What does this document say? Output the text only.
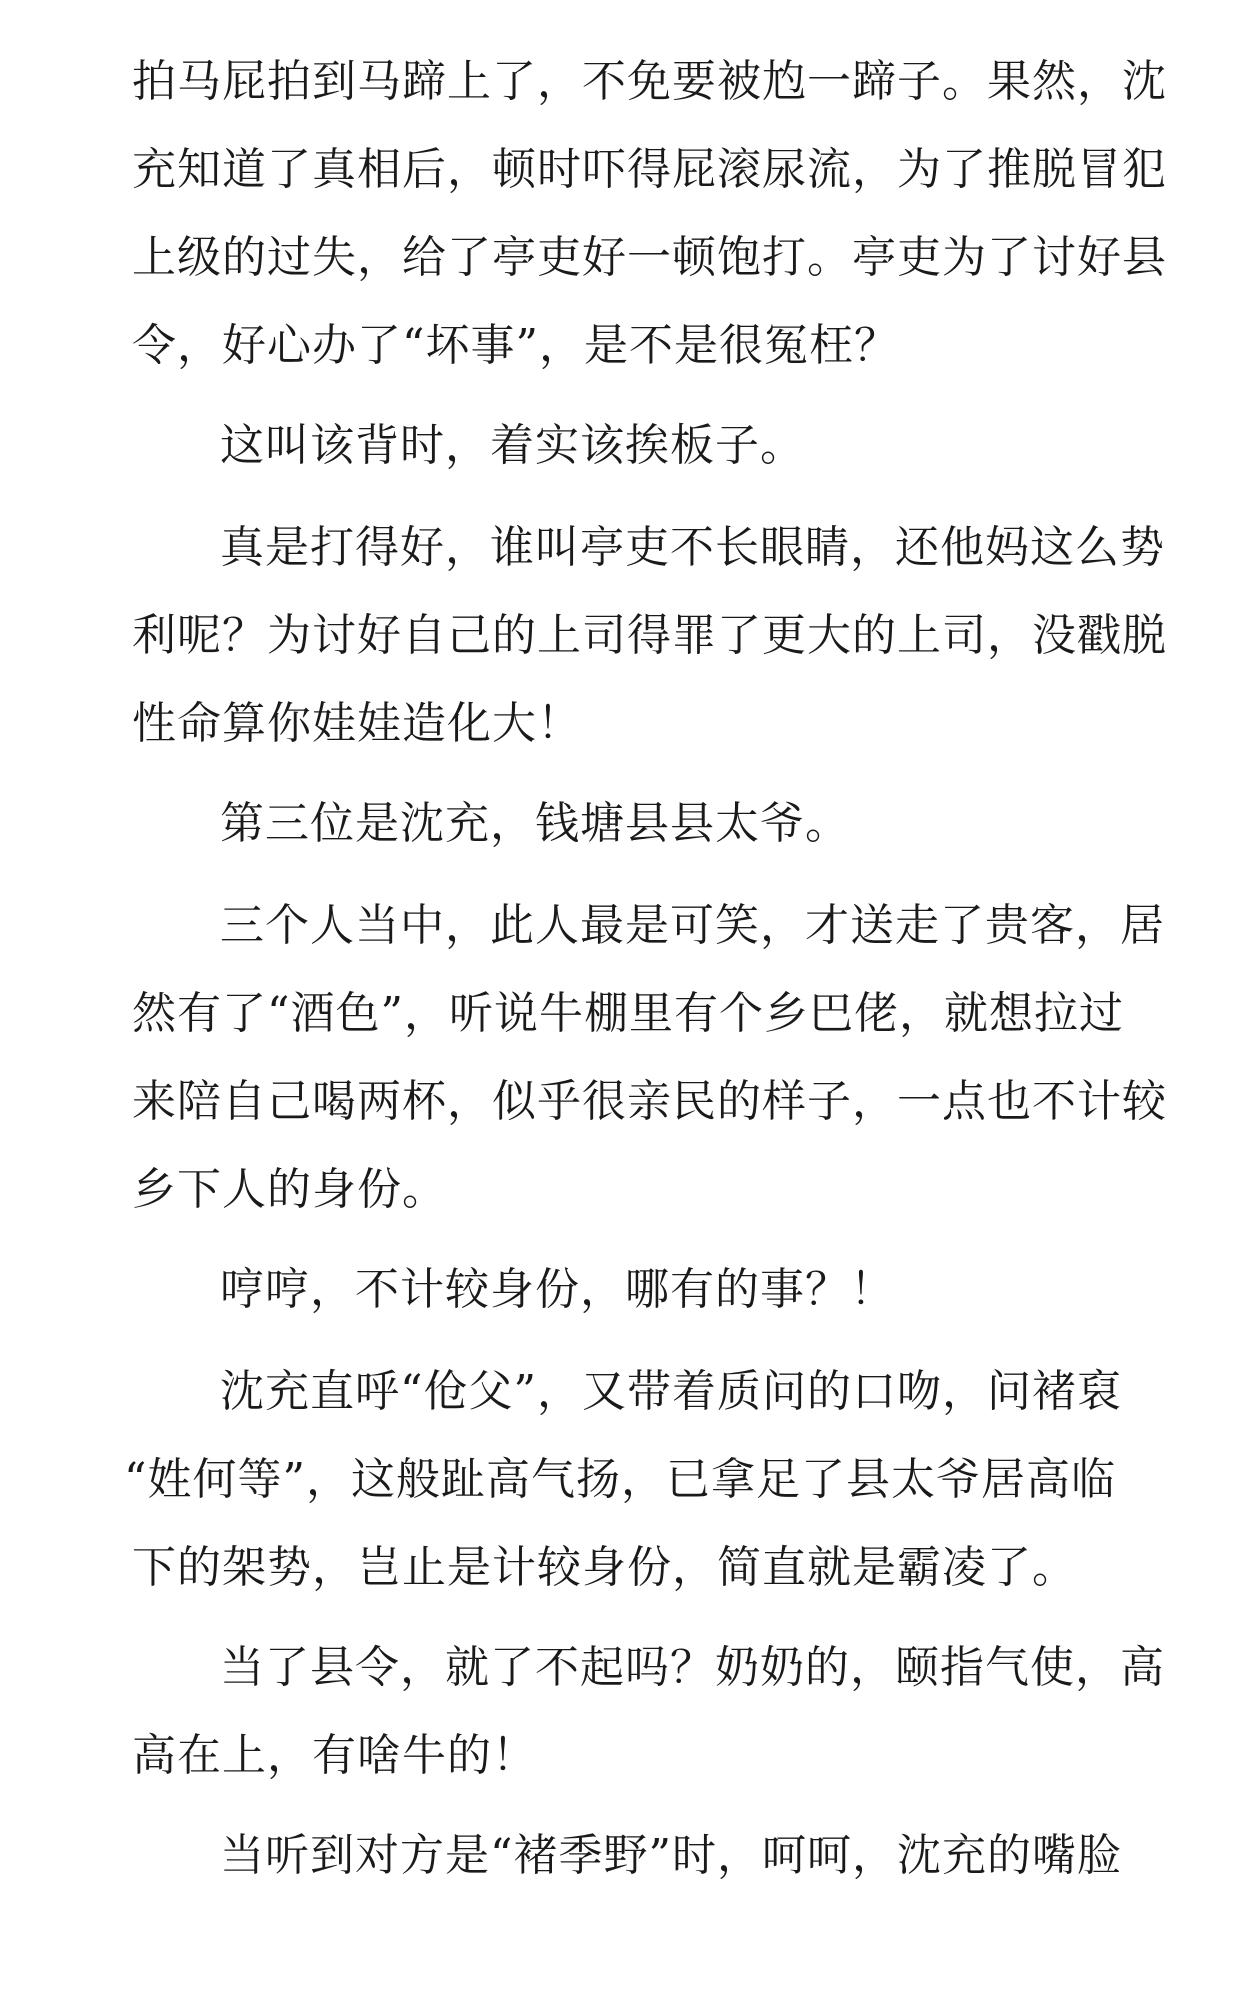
拍马屁拍到马蹄上了，不免要被尥一蹄子。果然，沈
充知道了真相后，顿时吓得屁滚尿流，为了推脱冒犯
上级的过失，给了亭吏好一顿饱打。亭吏为了讨好县
令，好心办了“坏事”，是不是很冤枉？
这叫该背时，着实该挨板子。
真是打得好，谁叫亭吏不长眼睛，还他妈这么势
利呢？为讨好自己的上司得罪了更大的上司，没戳脱
性命算你娃娃造化大！
第三位是沈充，钱塘县县太爷。
三个人当中，此人最是可笑，才送走了贵客，居
然有了“酒色”，听说牛棚里有个乡巴佬，就想拉过
来陪自己喝两杯，似乎很亲民的样子，一点也不计较
乡下人的身份。
哼哼，不计较身份，哪有的事？！
沈充直呼“伧父”，又带着质问的口吻，问褚裒
“姓何等”，这般趾高气扬，已拿足了县太爷居高临
下的架势，岂止是计较身份，简直就是霸凌了。
当了县令，就了不起吗？奶奶的，颐指气使，高
高在上，有啥牛的！
当听到对方是“褚季野”时，呵呵，沈充的嘴脸
